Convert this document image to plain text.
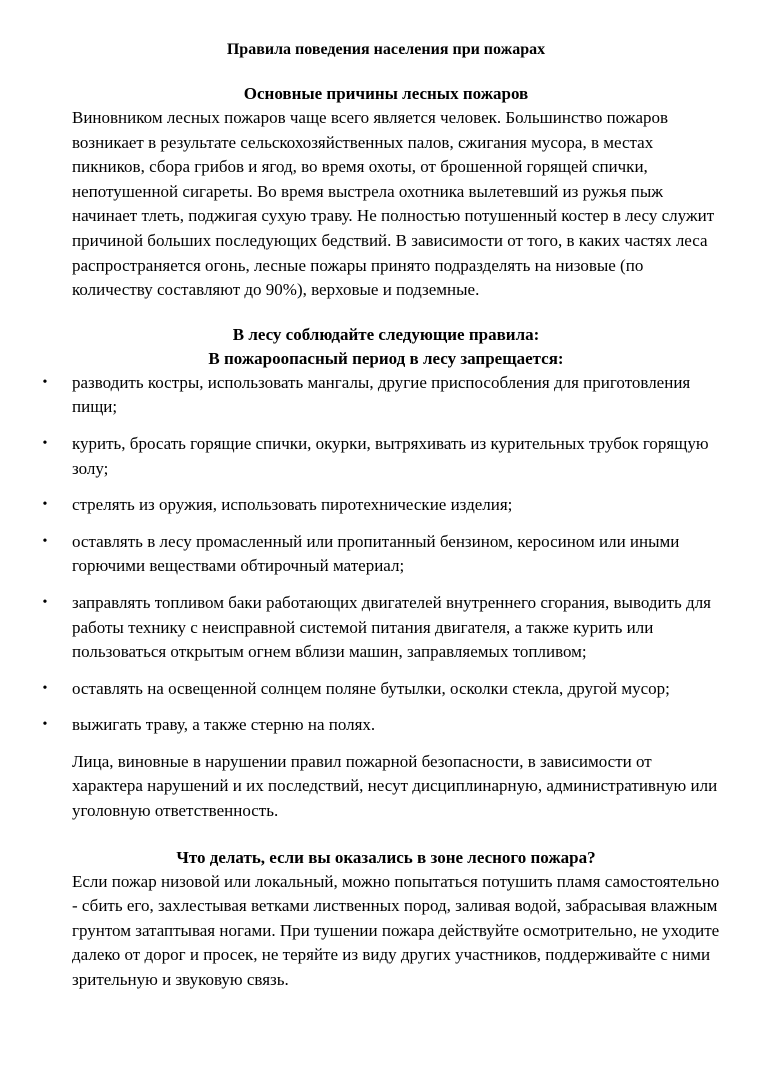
Правила поведения населения при пожарах
Основные причины лесных пожаров

Виновником лесных пожаров чаще всего является человек. Большинство пожаров возникает в результате сельскохозяйственных палов, сжигания мусора, в местах пикников, сбора грибов и ягод, во время охоты, от брошенной горящей спички, непотушенной сигареты. Во время выстрела охотника вылетевший из ружья пыж начинает тлеть, поджигая сухую траву. Не полностью потушенный костер в лесу служит причиной больших последующих бедствий. В зависимости от того, в каких частях леса распространяется огонь, лесные пожары принято подразделять на низовые (по количеству составляют до 90%), верховые и подземные.

В лесу соблюдайте следующие правила:
В пожароопасный период в лесу запрещается:
• разводить костры, использовать мангалы, другие приспособления для приготовления пищи;
• курить, бросать горящие спички, окурки, вытряхивать из курительных трубок горящую золу;
• стрелять из оружия, использовать пиротехнические изделия;
• оставлять в лесу промасленный или пропитанный бензином, керосином или иными горючими веществами обтирочный материал;
• заправлять топливом баки работающих двигателей внутреннего сгорания, выводить для работы технику с неисправной системой питания двигателя, а также курить или пользоваться открытым огнем вблизи машин, заправляемых топливом;
• оставлять на освещенной солнцем поляне бутылки, осколки стекла, другой мусор;
• выжигать траву, а также стерню на полях.

Лица, виновные в нарушении правил пожарной безопасности, в зависимости от характера нарушений и их последствий, несут дисциплинарную, административную или уголовную ответственность.

Что делать, если вы оказались в зоне лесного пожара?

Если пожар низовой или локальный, можно попытаться потушить пламя самостоятельно - сбить его, захлестывая ветками лиственных пород, заливая водой, забрасывая влажным грунтом затаптывая ногами. При тушении пожара действуйте осмотрительно, не уходите далеко от дорог и просек, не теряйте из виду других участников, поддерживайте с ними зрительную и звуковую связь.
